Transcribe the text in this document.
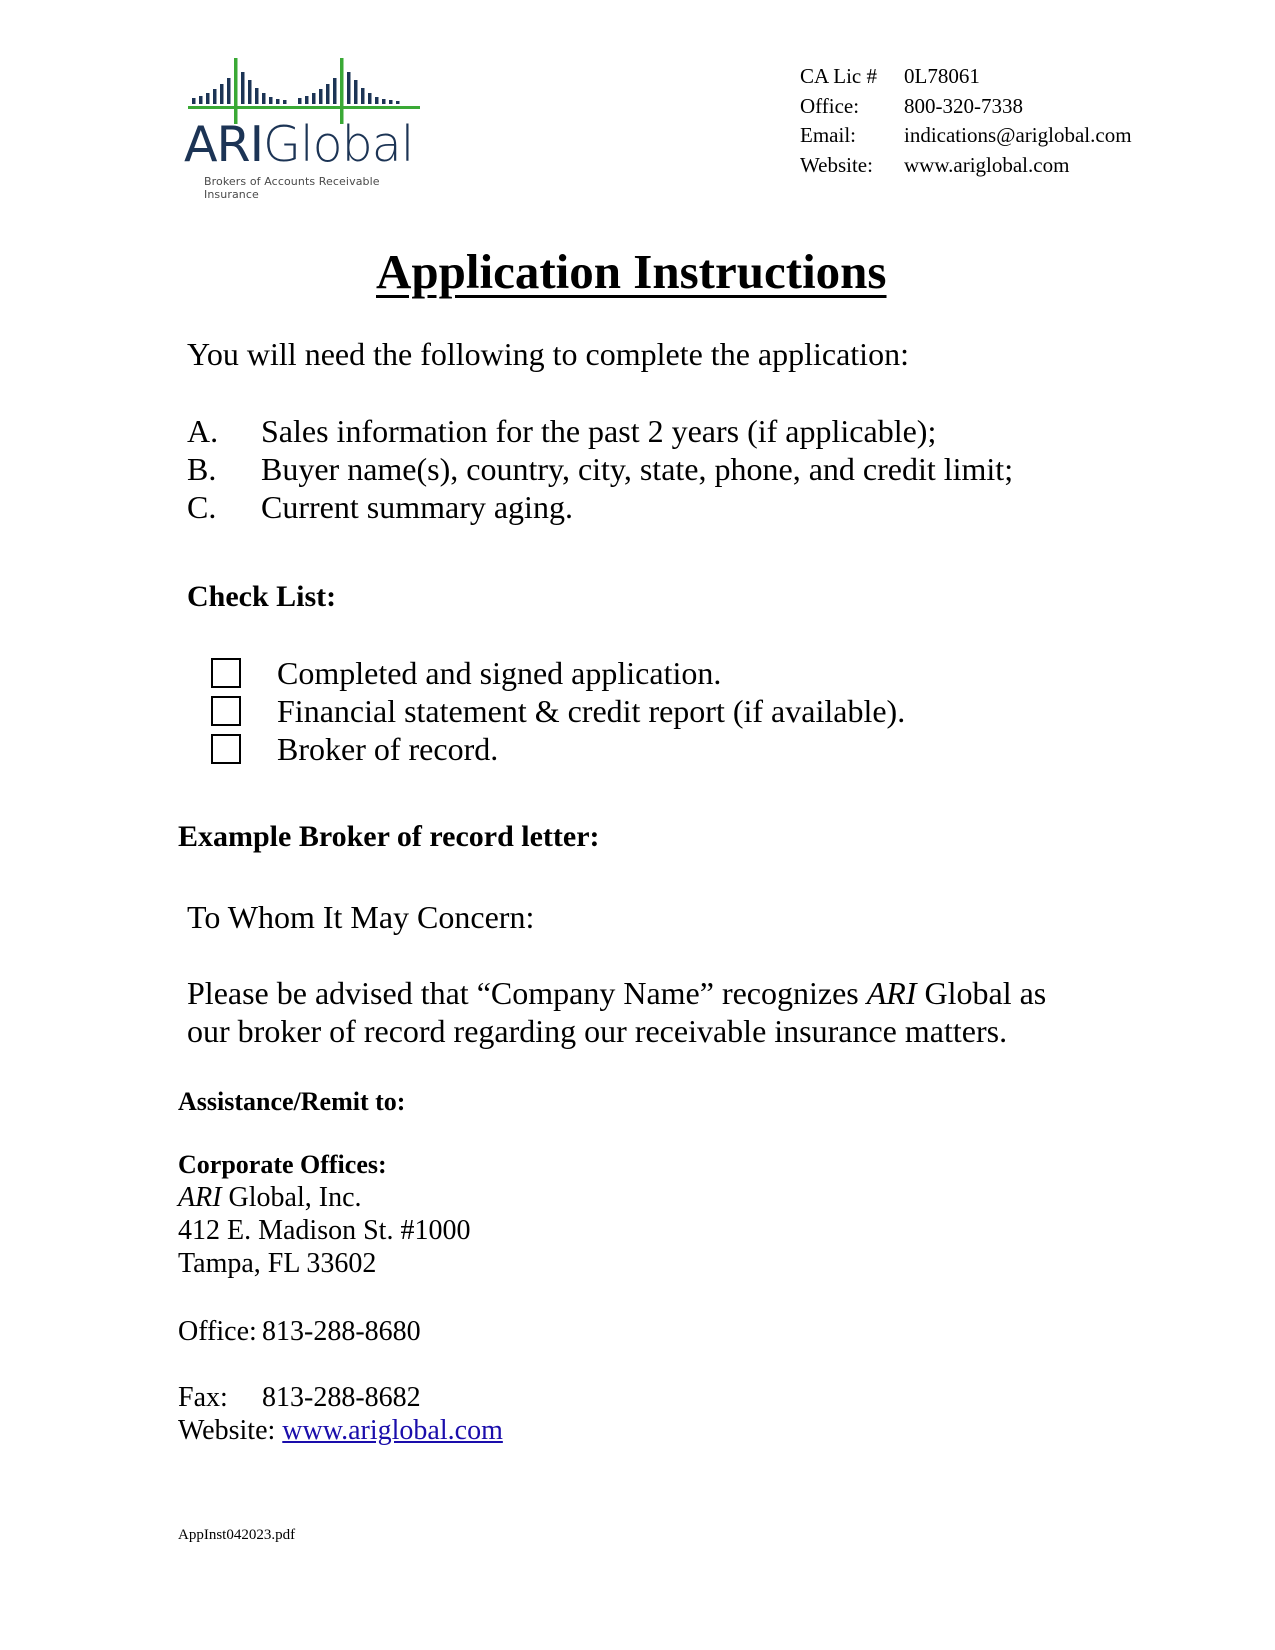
ARIGlobal
Brokers of Accounts Receivable Insurance
CA Lic #	0L78061
Office:	800-320-7338
Email:	indications@ariglobal.com
Website:	www.ariglobal.com
Application Instructions
You will need the following to complete the application:
A.	Sales information for the past 2 years (if applicable);
B.	Buyer name(s), country, city, state, phone, and credit limit;
C.	Current summary aging.
Check List:
Completed and signed application.
Financial statement & credit report (if available).
Broker of record.
Example Broker of record letter:
To Whom It May Concern:
Please be advised that “Company Name” recognizes ARI Global as
our broker of record regarding our receivable insurance matters.
Assistance/Remit to:
Corporate Offices:
ARI Global, Inc.
412 E. Madison St. #1000
Tampa, FL 33602
Office: 813-288-8680
Fax:	813-288-8682
Website:
www.ariglobal.com
AppInst042023.pdf
